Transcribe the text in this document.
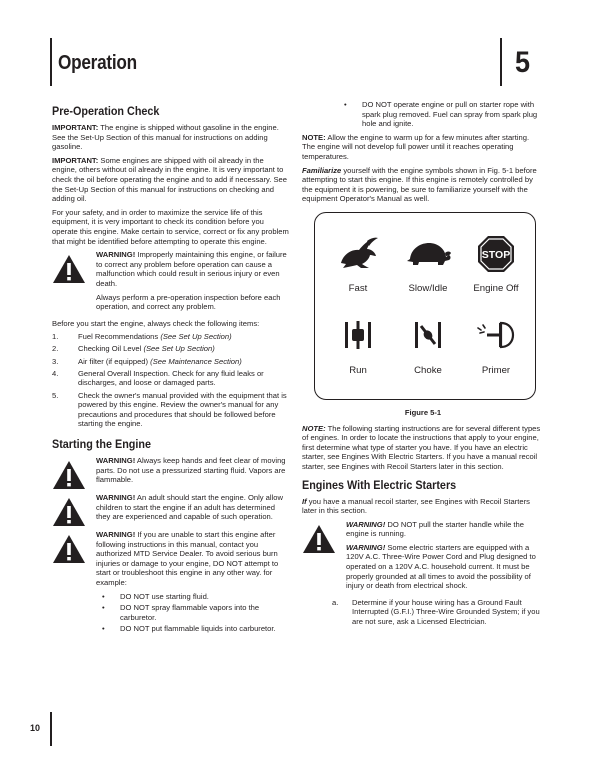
Operation	5
Pre-Operation Check

IMPORTANT: The engine is shipped without gasoline in the engine. See the Set-Up Section of this manual for instructions on adding gasoline.

IMPORTANT: Some engines are shipped with oil already in the engine, others without oil already in the engine. It is very important to check the oil before operating the engine and to add if necessary. See the Set-Up Section of this manual for instructions on checking and adding oil.

For your safety, and in order to maximize the service life of this equipment, it is very important to check its condition before you operate this engine. Make certain to service, correct or fix any problem that might be identified before attempting to operate this engine.

WARNING! Improperly maintaining this engine, or failure to correct any problem before operation can cause a malfunction which could result in serious injury or even death.

Always perform a pre-operation inspection before each operation, and correct any problem.

Before you start the engine, always check the following items:

1.	Fuel Recommendations (See Set Up Section)
2.	Checking Oil Level (See Set Up Section)
3.	Air filter (if equipped) (See Maintenance Section)
4.	General Overall Inspection. Check for any fluid leaks or discharges, and loose or damaged parts.
5.	Check the owner's manual provided with the equipment that is powered by this engine. Review the owner's manual for any precautions and procedures that should be followed before starting the engine.
Starting the Engine

WARNING! Always keep hands and feet clear of moving parts. Do not use a pressurized starting fluid. Vapors are flammable.

WARNING! An adult should start the engine. Only allow children to start the engine if an adult has determined they are experienced and capable of such operation.

WARNING! If you are unable to start this engine after following instructions in this manual, contact you authorized MTD Service Dealer. To avoid serious burn injuries or damage to your engine, DO NOT attempt to start or troubleshoot this engine in any other way. for example:

•	DO NOT use starting fluid.
•	DO NOT spray flammable vapors into the carburetor.
•	DO NOT put flammable liquids into carburetor.
•	DO NOT operate engine or pull on starter rope with spark plug removed. Fuel can spray from spark plug hole and ignite.

NOTE: Allow the engine to warm up for a few minutes after starting. The engine will not develop full power until it reaches operating temperatures.

Familiarize yourself with the engine symbols shown in Fig. 5-1 before attempting to start this engine. If this engine is remotely controlled by the equipment it is powering, be sure to familiarize yourself with the equipment Operator's Manual as well.

STOP
Fast	Slow/Idle	Engine Off
Run	Choke	Primer
Figure 5-1

NOTE: The following starting instructions are for several different types of engines. In order to locate the instructions that apply to your engine, first determine what type of starter you have. If you have an electric starter, see Engines With Electric Starters. If you have a manual recoil starter, see Engines with Recoil Starters later in this section.

Engines With Electric Starters

If you have a manual recoil starter, see Engines with Recoil Starters later in this section.

WARNING! DO NOT pull the starter handle while the engine is running.

WARNING! Some electric starters are equipped with a 120V A.C. Three-Wire Power Cord and Plug designed to operated on a 120V A.C. household current. It must be properly grounded at all times to avoid the possibility of injury or death from electrical shock.

a.	Determine if your house wiring has a Ground Fault Interrupted (G.F.I.) Three-Wire Grounded System; if you are not sure, ask a Licensed Electrician.
10
